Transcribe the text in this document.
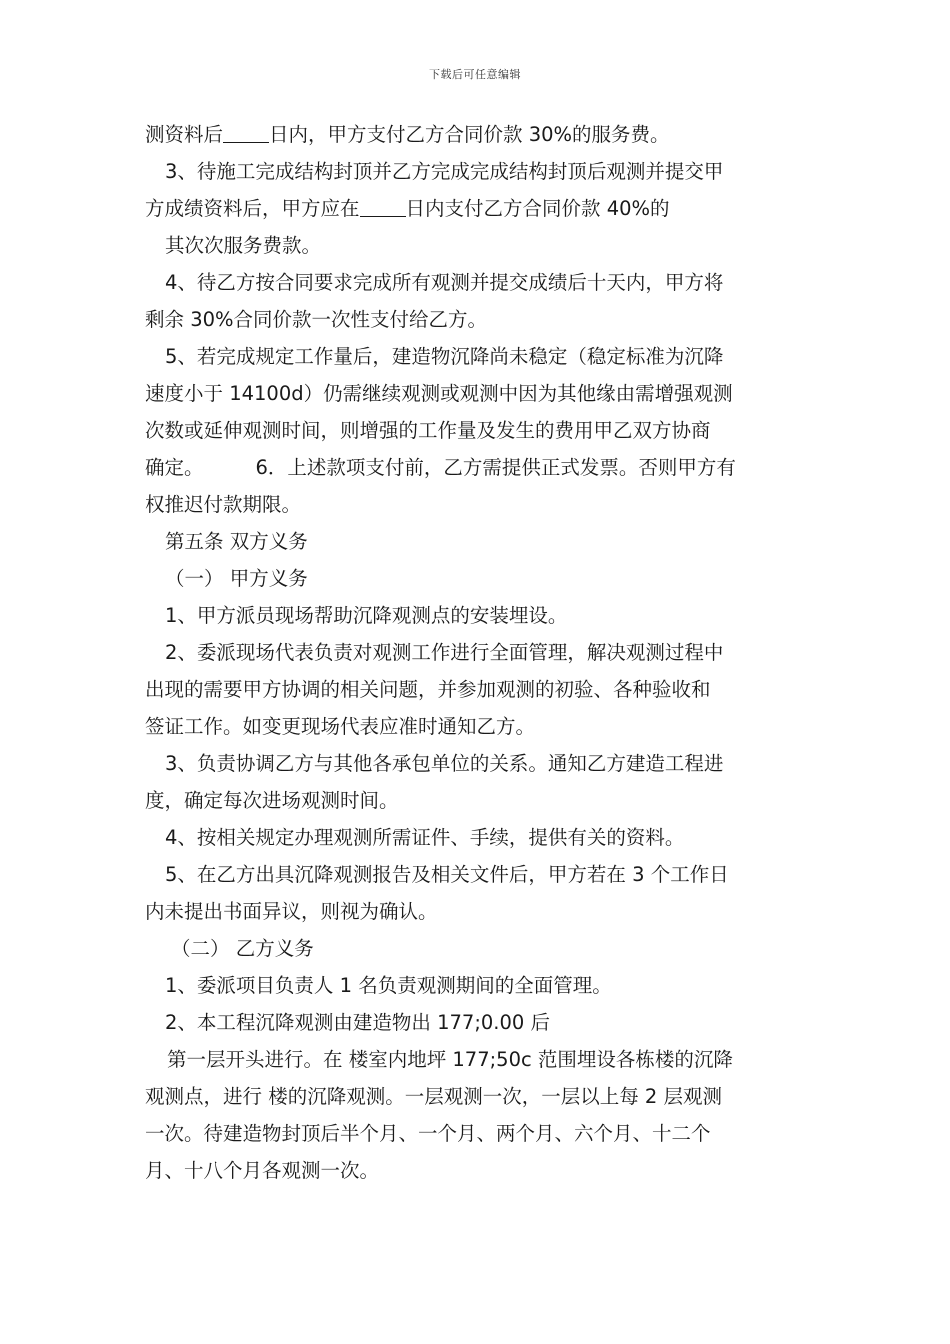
下载后可任意编辑
测资料后 日内，甲方支付乙方合同价款 30%的服务费。
3、待施工完成结构封顶并乙方完成完成结构封顶后观测并提交甲
方成绩资料后，甲方应在 日内支付乙方合同价款 40%的
其次次服务费款。
4、待乙方按合同要求完成所有观测并提交成绩后十天内，甲方将
剩余 30%合同价款一次性支付给乙方。
5、若完成规定工作量后，建造物沉降尚未稳定（稳定标准为沉降
速度小于 14100d）仍需继续观测或观测中因为其他缘由需增强观测
次数或延伸观测时间，则增强的工作量及发生的费用甲乙双方协商
确定。	6．上述款项支付前，乙方需提供正式发票。否则甲方有
权推迟付款期限。
第五条 双方义务
（一） 甲方义务
1、甲方派员现场帮助沉降观测点的安装埋设。
2、委派现场代表负责对观测工作进行全面管理，解决观测过程中
出现的需要甲方协调的相关问题，并参加观测的初验、各种验收和
签证工作。如变更现场代表应准时通知乙方。
3、负责协调乙方与其他各承包单位的关系。通知乙方建造工程进
度，确定每次进场观测时间。
4、按相关规定办理观测所需证件、手续，提供有关的资料。
5、在乙方出具沉降观测报告及相关文件后，甲方若在 3 个工作日
内未提出书面异议，则视为确认。
（二） 乙方义务
1、委派项目负责人 1 名负责观测期间的全面管理。
2、本工程沉降观测由建造物出 177;0.00 后
第一层开头进行。在 楼室内地坪 177;50c 范围埋设各栋楼的沉降
观测点，进行 楼的沉降观测。一层观测一次，一层以上每 2 层观测
一次。待建造物封顶后半个月、一个月、两个月、六个月、十二个
月、十八个月各观测一次。
